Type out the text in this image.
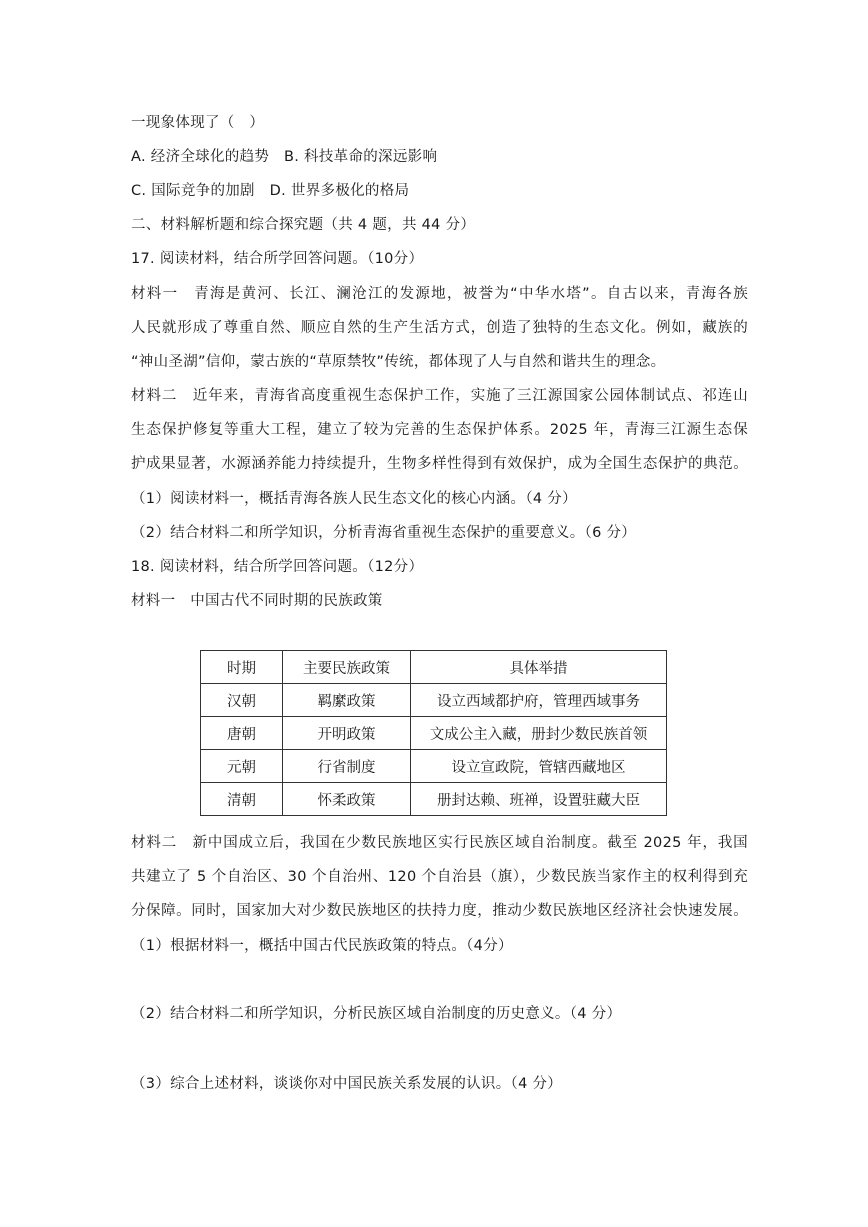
一现象体现了（　）
A. 经济全球化的趋势　B. 科技革命的深远影响
C. 国际竞争的加剧　D. 世界多极化的格局
二、材料解析题和综合探究题（共 4 题，共 44 分）
17. 阅读材料，结合所学回答问题。（10分）
材料一　青海是黄河、长江、澜沧江的发源地，被誉为“中华水塔”。自古以来，青海各族
人民就形成了尊重自然、顺应自然的生产生活方式，创造了独特的生态文化。例如，藏族的
“神山圣湖”信仰，蒙古族的“草原禁牧”传统，都体现了人与自然和谐共生的理念。
材料二　近年来，青海省高度重视生态保护工作，实施了三江源国家公园体制试点、祁连山
生态保护修复等重大工程，建立了较为完善的生态保护体系。2025 年，青海三江源生态保
护成果显著，水源涵养能力持续提升，生物多样性得到有效保护，成为全国生态保护的典范。
（1）阅读材料一，概括青海各族人民生态文化的核心内涵。（4 分）
（2）结合材料二和所学知识，分析青海省重视生态保护的重要意义。（6 分）
18. 阅读材料，结合所学回答问题。（12分）
材料一　中国古代不同时期的民族政策
时期	主要民族政策	具体举措
汉朝	羁縻政策	设立西域都护府，管理西域事务
唐朝	开明政策	文成公主入藏，册封少数民族首领
元朝	行省制度	设立宣政院，管辖西藏地区
清朝	怀柔政策	册封达赖、班禅，设置驻藏大臣
材料二　新中国成立后，我国在少数民族地区实行民族区域自治制度。截至 2025 年，我国
共建立了 5 个自治区、30 个自治州、120 个自治县（旗），少数民族当家作主的权利得到充
分保障。同时，国家加大对少数民族地区的扶持力度，推动少数民族地区经济社会快速发展。
（1）根据材料一，概括中国古代民族政策的特点。（4分）
（2）结合材料二和所学知识，分析民族区域自治制度的历史意义。（4 分）
（3）综合上述材料，谈谈你对中国民族关系发展的认识。（4 分）
